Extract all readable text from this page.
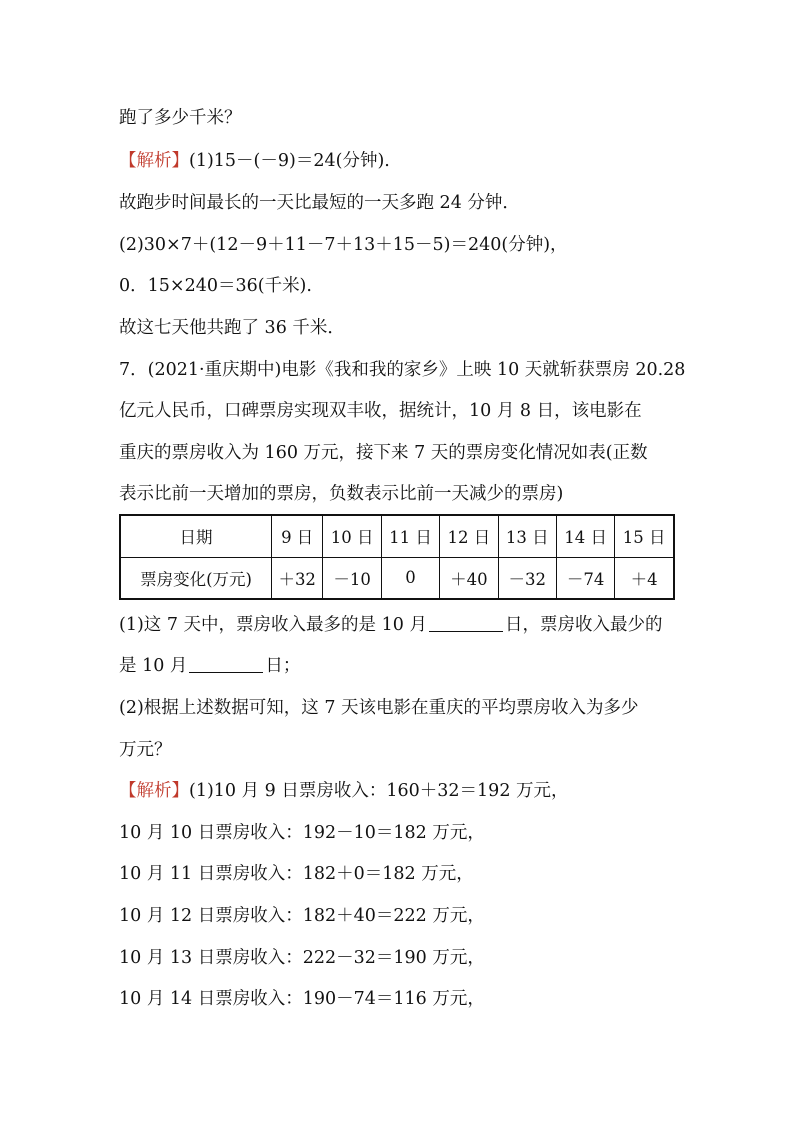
跑了多少千米？
【解析】(1)15－(－9)＝24(分钟).
故跑步时间最长的一天比最短的一天多跑 24 分钟．
(2)30×7＋(12－9＋11－7＋13＋15－5)＝240(分钟)，
0．15×240＝36(千米).
故这七天他共跑了 36 千米．
7．(2021·重庆期中)电影《我和我的家乡》上映 10 天就斩获票房 20.28
亿元人民币，口碑票房实现双丰收，据统计，10 月 8 日，该电影在
重庆的票房收入为 160 万元，接下来 7 天的票房变化情况如表(正数
表示比前一天增加的票房，负数表示比前一天减少的票房)
日期	9 日	10 日	11 日	12 日	13 日	14 日	15 日
票房变化(万元)	＋32	－10	0	＋40	－32	－74	＋4
(1)这 7 天中，票房收入最多的是 10 月	日，票房收入最少的
是 10 月	日；
(2)根据上述数据可知，这 7 天该电影在重庆的平均票房收入为多少
万元？
【解析】(1)10 月 9 日票房收入：160＋32＝192 万元，
10 月 10 日票房收入：192－10＝182 万元，
10 月 11 日票房收入：182＋0＝182 万元，
10 月 12 日票房收入：182＋40＝222 万元，
10 月 13 日票房收入：222－32＝190 万元，
10 月 14 日票房收入：190－74＝116 万元，
